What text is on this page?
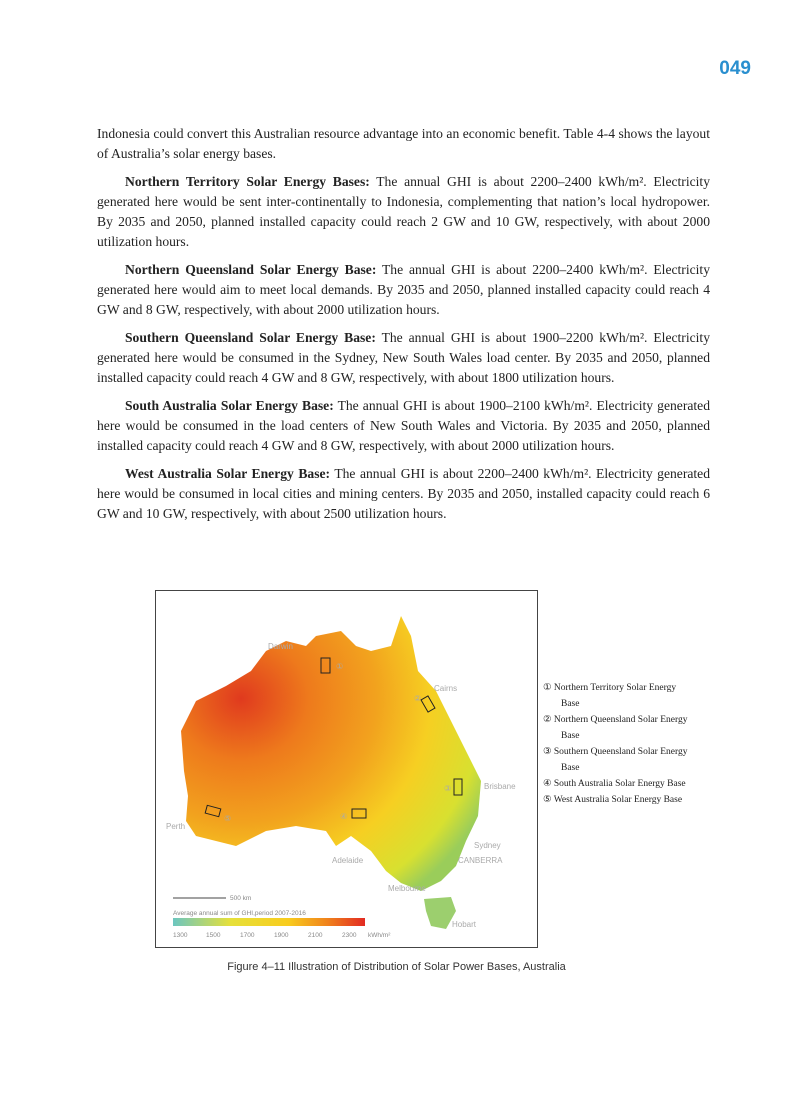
049

Indonesia could convert this Australian resource advantage into an economic benefit. Table 4-4 shows the layout of Australia’s solar energy bases.

Northern Territory Solar Energy Bases: The annual GHI is about 2200–2400 kWh/m². Electricity generated here would be sent inter-continentally to Indonesia, complementing that nation’s local hydropower. By 2035 and 2050, planned installed capacity could reach 2 GW and 10 GW, respectively, with about 2000 utilization hours.

Northern Queensland Solar Energy Base: The annual GHI is about 2200–2400 kWh/m². Electricity generated here would aim to meet local demands. By 2035 and 2050, planned installed capacity could reach 4 GW and 8 GW, respectively, with about 2000 utilization hours.

Southern Queensland Solar Energy Base: The annual GHI is about 1900–2200 kWh/m². Electricity generated here would be consumed in the Sydney, New South Wales load center. By 2035 and 2050, planned installed capacity could reach 4 GW and 8 GW, respectively, with about 1800 utilization hours.

South Australia Solar Energy Base: The annual GHI is about 1900–2100 kWh/m². Electricity generated here would be consumed in the load centers of New South Wales and Victoria. By 2035 and 2050, planned installed capacity could reach 4 GW and 8 GW, respectively, with about 2000 utilization hours.

West Australia Solar Energy Base: The annual GHI is about 2200–2400 kWh/m². Electricity generated here would be consumed in local cities and mining centers. By 2035 and 2050, installed capacity could reach 6 GW and 10 GW, respectively, with about 2500 utilization hours.

①
②
③
④
⑤
Darwin
Cairns
Brisbane
Perth
Adelaide
Sydney
CANBERRA
Melbourne
Hobart
500 km
Average annual sum of GHI,period 2007-2016
1300	1500	1700	1900	2100	2300 kWh/m²
① Northern Territory Solar Energy Base
② Northern Queensland Solar Energy Base
③ Southern Queensland Solar Energy Base
④ South Australia Solar Energy Base
⑤ West Australia Solar Energy Base
Figure 4–11 Illustration of Distribution of Solar Power Bases, Australia
